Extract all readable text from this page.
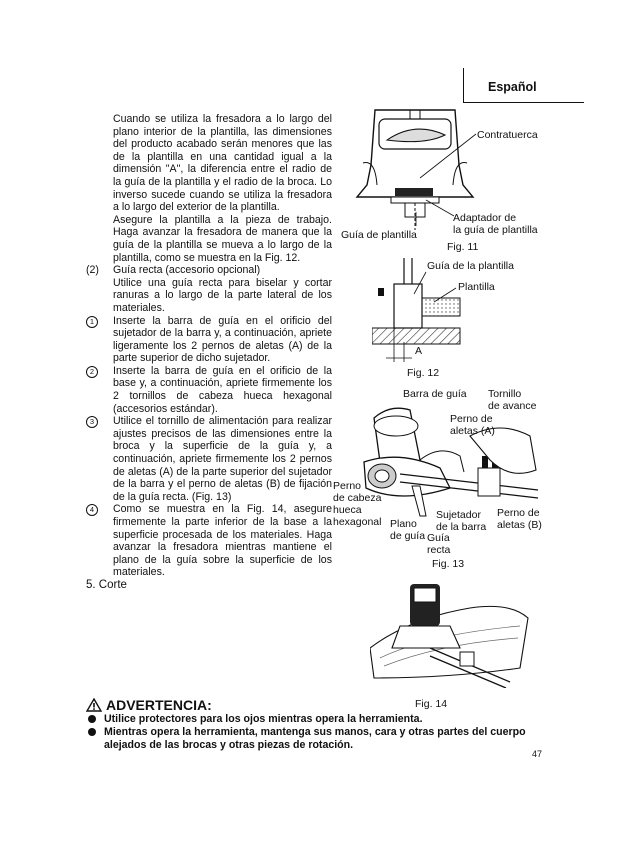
Español

Cuando se utiliza la fresadora a lo largo del plano interior de la plantilla, las dimensiones del producto acabado serán menores que las de la plantilla en una cantidad igual a la dimensión "A", la diferencia entre el radio de la guía de la plantilla y el radio de la broca. Lo inverso sucede cuando se utiliza la fresadora a lo largo del exterior de la plantilla.

Asegure la plantilla a la pieza de trabajo. Haga avanzar la fresadora de manera que la guía de la plantilla se mueva a lo largo de la plantilla, como se muestra en la Fig. 12.

(2) Guía recta (accesorio opcional)

Utilice una guía recta para biselar y cortar ranuras a lo largo de la parte lateral de los materiales.

1	Inserte la barra de guía en el orificio del sujetador de la barra y, a continuación, apriete ligeramente los 2 pernos de aletas (A) de la parte superior de dicho sujetador.
2	Inserte la barra de guía en el orificio de la base y, a continuación, apriete firmemente los 2 tornillos de cabeza hueca hexagonal (accesorios estándar).
3	Utilice el tornillo de alimentación para realizar ajustes precisos de las dimensiones entre la broca y la superficie de la guía y, a continuación, apriete firmemente los 2 pernos de aletas (A) de la parte superior del sujetador de la barra y el perno de aletas (B) de fijación de la guía recta. (Fig. 13)
4	Como se muestra en la Fig. 14, asegure firmemente la parte inferior de la base a la superficie procesada de los materiales. Haga avanzar la fresadora mientras mantiene el plano de la guía sobre la superficie de los materiales.

5. Corte

Contratuerca
Adaptador de
la guía de plantilla
Guía de plantilla
Fig. 11
Guía de la plantilla
Plantilla
A
Fig. 12
Barra de guía Tornillo
de avance
Perno de
aletas (A)
Perno
de cabeza
hueca
hexagonal Plano
de guía
Sujetador
de la barra
Guía
recta
Perno de
aletas (B)
Fig. 13
Fig. 14
ADVERTENCIA:
Utilice protectores para los ojos mientras opera la herramienta.
Mientras opera la herramienta, mantenga sus manos, cara y otras partes del cuerpo alejados de las brocas y otras piezas de rotación.
47
